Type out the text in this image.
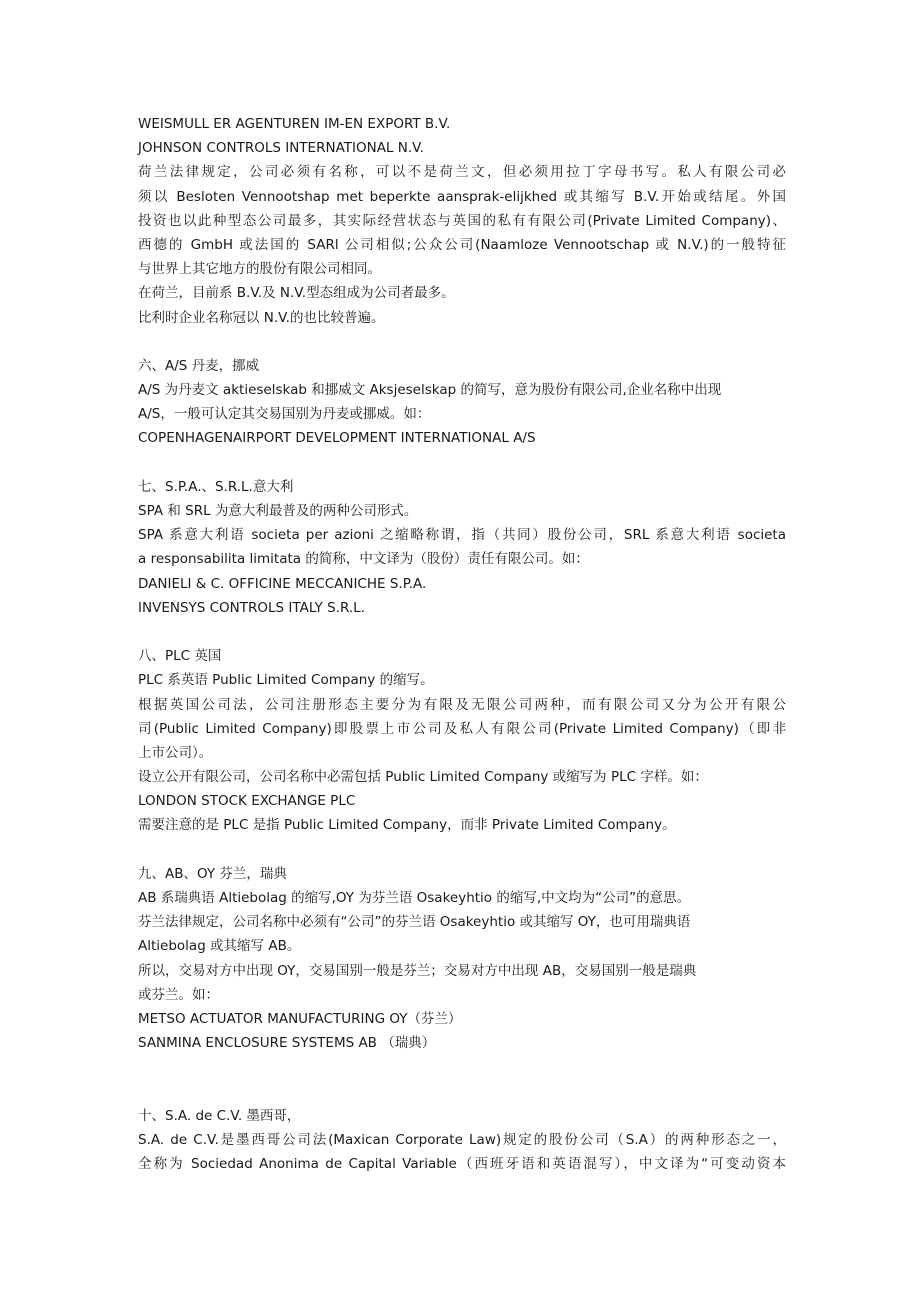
WEISMULL ER AGENTUREN IM-EN EXPORT B.V.
JOHNSON CONTROLS INTERNATIONAL N.V.
荷兰法律规定，公司必须有名称，可以不是荷兰文，但必须用拉丁字母书写。私人有限公司必
须以 Besloten Vennootshap met beperkte aansprak-elijkhed 或其缩写 B.V.开始或结尾。外国
投资也以此种型态公司最多，其实际经营状态与英国的私有有限公司(Private Limited Company)、
西德的 GmbH 或法国的 SARl 公司相似;公众公司(Naamloze Vennootschap 或 N.V.)的一般特征
与世界上其它地方的股份有限公司相同。
在荷兰，目前系 B.V.及 N.V.型态组成为公司者最多。
比利时企业名称冠以 N.V.的也比较普遍。
六、A/S 丹麦，挪威
A/S 为丹麦文 aktieselskab 和挪威文 Aksjeselskap 的简写，意为股份有限公司,企业名称中出现
A/S，一般可认定其交易国别为丹麦或挪威。如：
COPENHAGENAIRPORT DEVELOPMENT INTERNATIONAL A/S
七、S.P.A.、S.R.L.意大利
SPA 和 SRL 为意大利最普及的两种公司形式。
SPA 系意大利语 societa per azioni 之缩略称谓，指（共同）股份公司，SRL 系意大利语 societa
a responsabilita limitata 的简称，中文译为（股份）责任有限公司。如：
DANIELI & C. OFFICINE MECCANICHE S.P.A.
INVENSYS CONTROLS ITALY S.R.L.
八、PLC 英国
PLC 系英语 Public Limited Company 的缩写。
根据英国公司法，公司注册形态主要分为有限及无限公司两种，而有限公司又分为公开有限公
司(Public Limited Company)即股票上市公司及私人有限公司(Private Limited Company)（即非
上市公司）。
设立公开有限公司，公司名称中必需包括 Public Limited Company 或缩写为 PLC 字样。如：
LONDON STOCK EXCHANGE PLC
需要注意的是 PLC 是指 Public Limited Company，而非 Private Limited Company。
九、AB、OY 芬兰，瑞典
AB 系瑞典语 Altiebolag 的缩写,OY 为芬兰语 Osakeyhtio 的缩写,中文均为“公司”的意思。
芬兰法律规定，公司名称中必须有“公司”的芬兰语 Osakeyhtio 或其缩写 OY，也可用瑞典语
Altiebolag 或其缩写 AB。
所以，交易对方中出现 OY，交易国别一般是芬兰；交易对方中出现 AB，交易国别一般是瑞典
或芬兰。如：
METSO ACTUATOR MANUFACTURING OY（芬兰）
SANMINA ENCLOSURE SYSTEMS AB （瑞典）
十、S.A. de C.V. 墨西哥，
S.A. de C.V.是墨西哥公司法(Maxican Corporate Law)规定的股份公司（S.A）的两种形态之一，
全称为 Sociedad Anonima de Capital Variable（西班牙语和英语混写），中文译为“可变动资本
